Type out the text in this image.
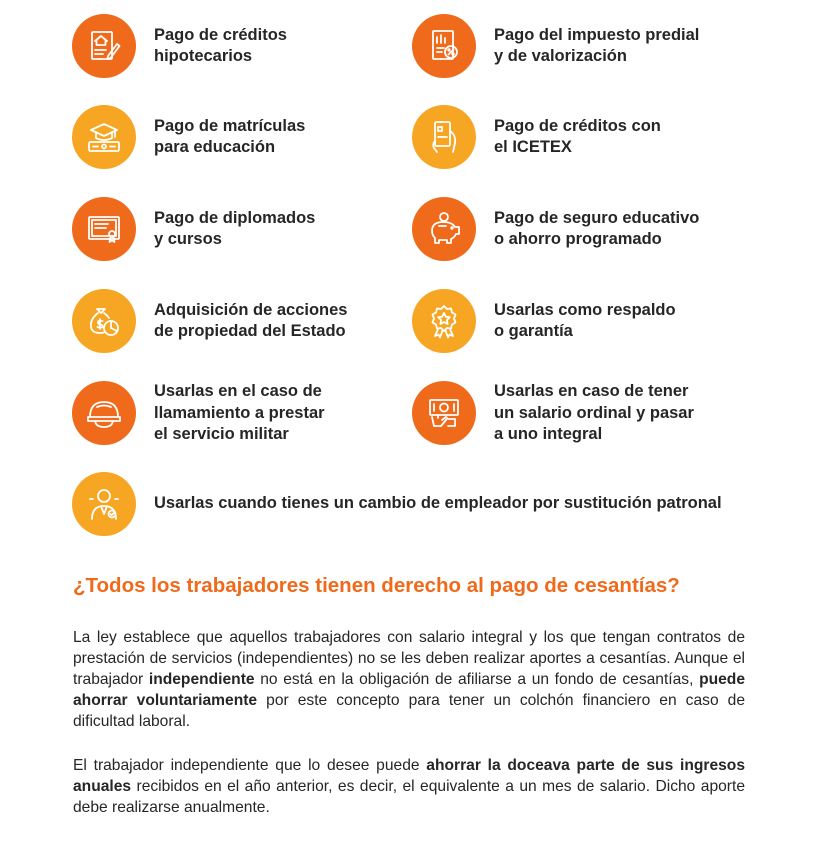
Pago de créditos
hipotecarios
Pago del impuesto predial
y de valorización
Pago de matrículas
para educación
Pago de créditos con
el ICETEX
Pago de diplomados
y cursos
Pago de seguro educativo
o ahorro programado
Adquisición de acciones
de propiedad del Estado
Usarlas como respaldo
o garantía
Usarlas en el caso de
llamamiento a prestar
el servicio militar
Usarlas en caso de tener
un salario ordinal y pasar
a uno integral
Usarlas cuando tienes un cambio de empleador por sustitución patronal
¿Todos los trabajadores tienen derecho al pago de cesantías?

La ley establece que aquellos trabajadores con salario integral y los que tengan contratos de prestación de servicios (independientes) no se les deben realizar aportes a cesantías. Aunque el trabajador independiente no está en la obligación de afiliarse a un fondo de cesantías, puede ahorrar voluntariamente por este concepto para tener un colchón financiero en caso de dificultad laboral.

El trabajador independiente que lo desee puede ahorrar la doceava parte de sus ingresos anuales recibidos en el año anterior, es decir, el equivalente a un mes de salario. Dicho aporte debe realizarse anualmente.
